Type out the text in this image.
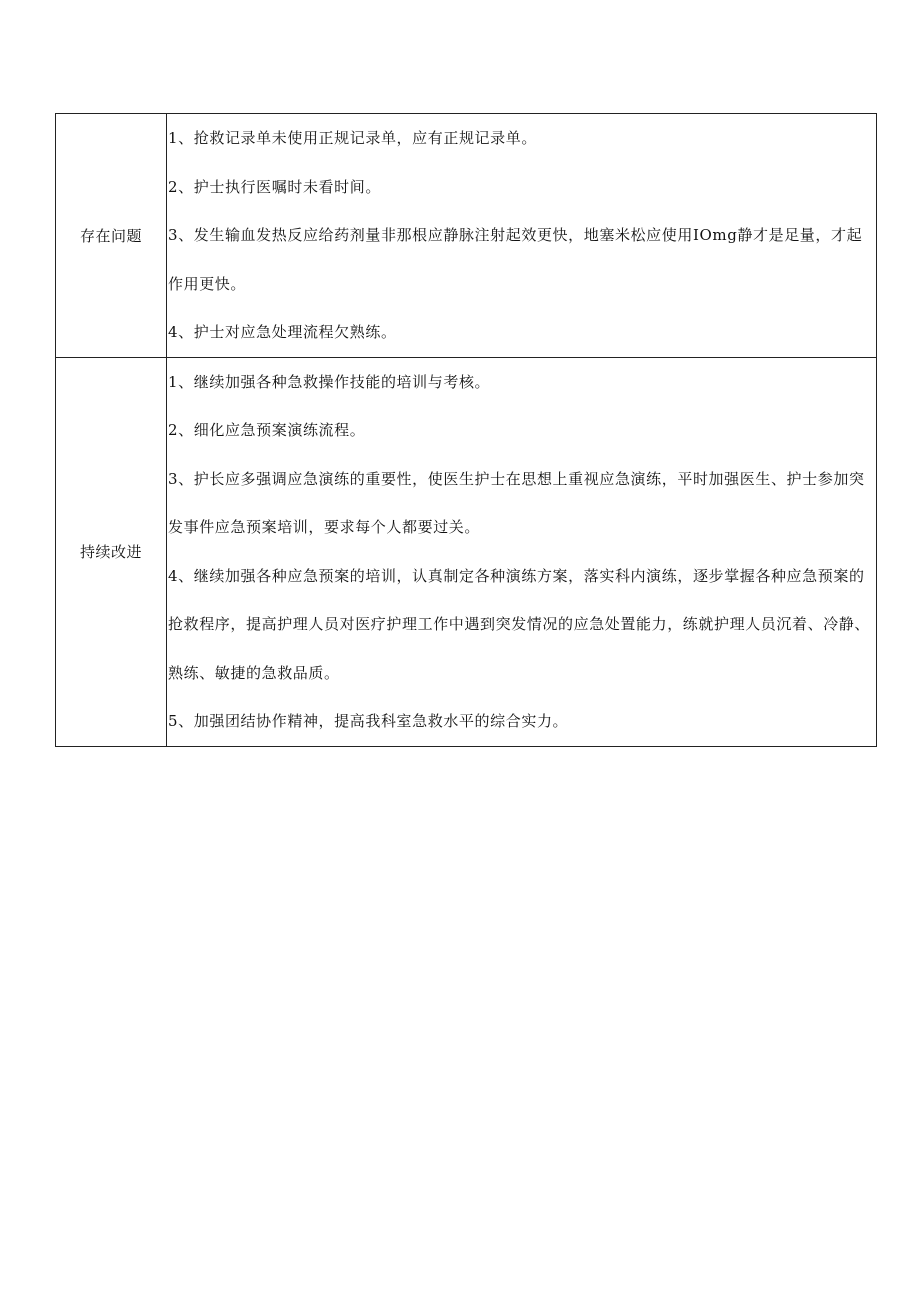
存在问题	1、抢救记录单未使用正规记录单，应有正规记录单。

2、护士执行医嘱时未看时间。

3、发生输血发热反应给药剂量非那根应静脉注射起效更快，地塞米松应使用IOmg静才是足量，才起作用更快。

4、护士对应急处理流程欠熟练。

持续改进	1、继续加强各种急救操作技能的培训与考核。

2、细化应急预案演练流程。

3、护长应多强调应急演练的重要性，使医生护士在思想上重视应急演练，平时加强医生、护士参加突发事件应急预案培训，要求每个人都要过关。

4、继续加强各种应急预案的培训，认真制定各种演练方案，落实科内演练，逐步掌握各种应急预案的抢救程序，提高护理人员对医疗护理工作中遇到突发情况的应急处置能力，练就护理人员沉着、冷静、熟练、敏捷的急救品质。

5、加强团结协作精神，提高我科室急救水平的综合实力。
